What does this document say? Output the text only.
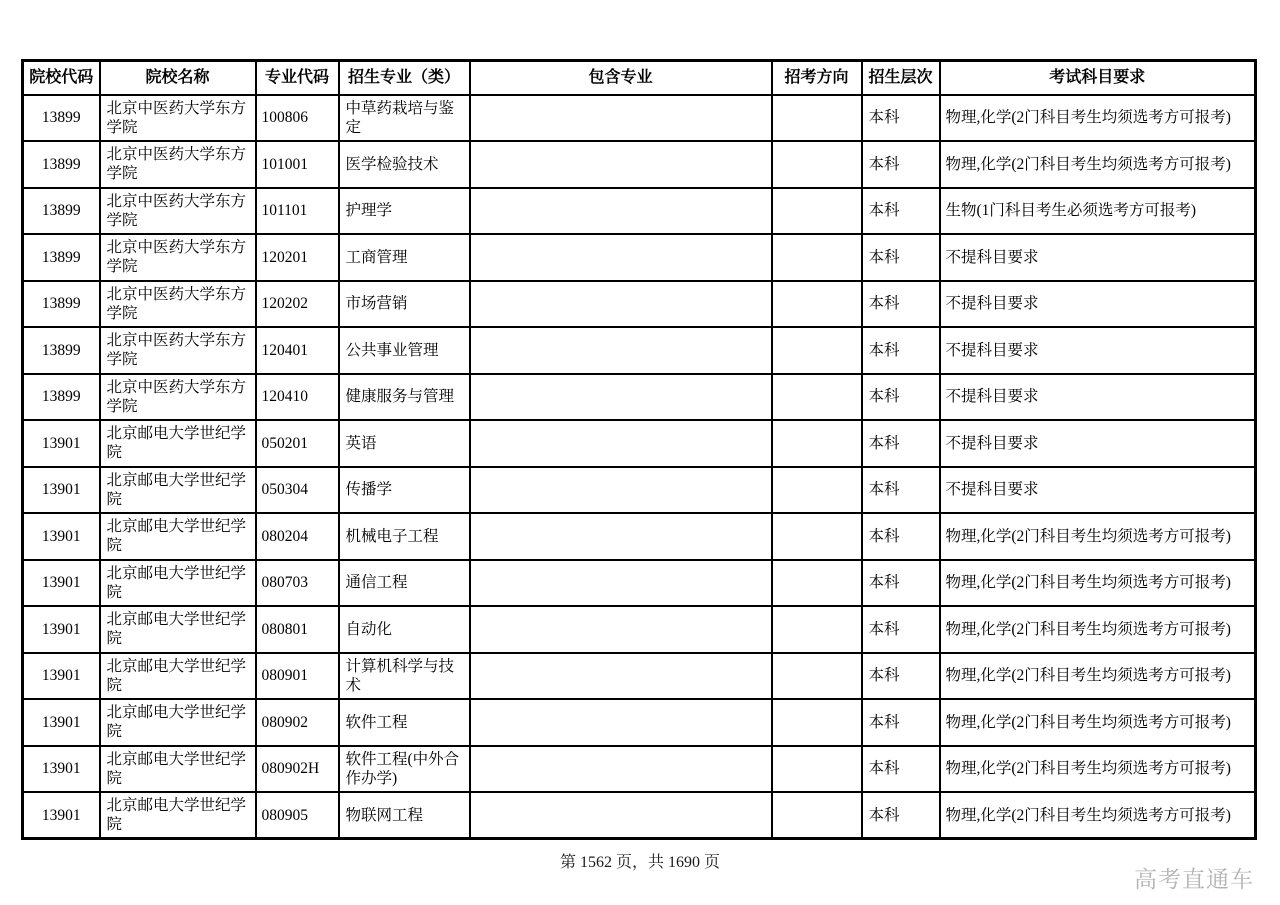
院校代码	院校名称	专业代码	招生专业（类）	包含专业	招考方向	招生层次	考试科目要求
13899	北京中医药大学东方学院	100806	中草药栽培与鉴定			本科	物理,化学(2门科目考生均须选考方可报考)
13899	北京中医药大学东方学院	101001	医学检验技术			本科	物理,化学(2门科目考生均须选考方可报考)
13899	北京中医药大学东方学院	101101	护理学			本科	生物(1门科目考生必须选考方可报考)
13899	北京中医药大学东方学院	120201	工商管理			本科	不提科目要求
13899	北京中医药大学东方学院	120202	市场营销			本科	不提科目要求
13899	北京中医药大学东方学院	120401	公共事业管理			本科	不提科目要求
13899	北京中医药大学东方学院	120410	健康服务与管理			本科	不提科目要求
13901	北京邮电大学世纪学院	050201	英语			本科	不提科目要求
13901	北京邮电大学世纪学院	050304	传播学			本科	不提科目要求
13901	北京邮电大学世纪学院	080204	机械电子工程			本科	物理,化学(2门科目考生均须选考方可报考)
13901	北京邮电大学世纪学院	080703	通信工程			本科	物理,化学(2门科目考生均须选考方可报考)
13901	北京邮电大学世纪学院	080801	自动化			本科	物理,化学(2门科目考生均须选考方可报考)
13901	北京邮电大学世纪学院	080901	计算机科学与技术			本科	物理,化学(2门科目考生均须选考方可报考)
13901	北京邮电大学世纪学院	080902	软件工程			本科	物理,化学(2门科目考生均须选考方可报考)
13901	北京邮电大学世纪学院	080902H	软件工程(中外合作办学)			本科	物理,化学(2门科目考生均须选考方可报考)
13901	北京邮电大学世纪学院	080905	物联网工程			本科	物理,化学(2门科目考生均须选考方可报考)
第 1562 页，共 1690 页
高考直通车
